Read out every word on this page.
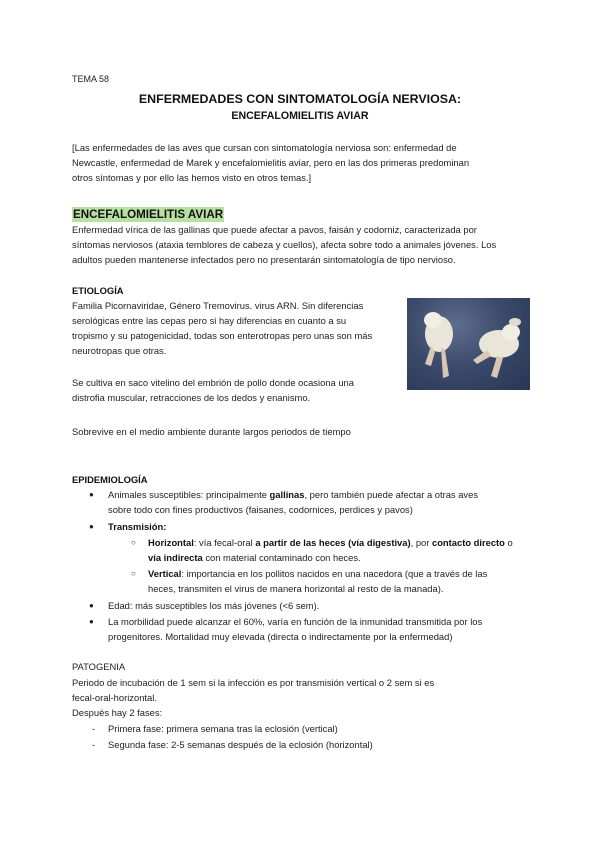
TEMA 58
ENFERMEDADES CON SINTOMATOLOGÍA NERVIOSA:
ENCEFALOMIELITIS AVIAR
[Las enfermedades de las aves que cursan con sintomatología nerviosa son: enfermedad de
Newcastle, enfermedad de Marek y encefalomielitis aviar, pero en las dos primeras predominan
otros síntomas y por ello las hemos visto en otros temas.]
ENCEFALOMIELITIS AVIAR
Enfermedad vírica de las gallinas que puede afectar a pavos, faisán y codorniz, caracterizada por
síntomas nerviosos (ataxia temblores de cabeza y cuellos), afecta sobre todo a animales jóvenes. Los
adultos pueden mantenerse infectados pero no presentarán sintomatología de tipo nervioso.
ETIOLOGÍA
Familia Picornaviridae, Género Tremovirus. virus ARN. Sin diferencias
serológicas entre las cepas pero si hay diferencias en cuanto a su
tropismo y su patogenicidad, todas son enterotropas pero unas son más
neurotropas que otras.
Se cultiva en saco vitelino del embrión de pollo donde ocasiona una
distrofia muscular, retracciones de los dedos y enanismo.
Sobrevive en el medio ambiente durante largos periodos de tiempo
EPIDEMIOLOGÍA
● Animales susceptibles: principalmente gallinas, pero también puede afectar a otras aves
sobre todo con fines productivos (faisanes, codornices, perdices y pavos)
● Transmisión:
○ Horizontal: vía fecal-oral a partir de las heces (vía digestiva), por contacto directo o
vía indirecta con material contaminado con heces.
○ Vertical: importancia en los pollitos nacidos en una nacedora (que a través de las
heces, transmiten el virus de manera horizontal al resto de la manada).
● Edad: más susceptibles los más jóvenes (<6 sem).
● La morbilidad puede alcanzar el 60%, varía en función de la inmunidad transmitida por los
progenitores. Mortalidad muy elevada (directa o indirectamente por la enfermedad)
PATOGENIA
Periodo de incubación de 1 sem si la infección es por transmisión vertical o 2 sem si es
fecal-oral-horizontal.
Después hay 2 fases:
- Primera fase: primera semana tras la eclosión (vertical)
- Segunda fase: 2-5 semanas después de la eclosión (horizontal)
